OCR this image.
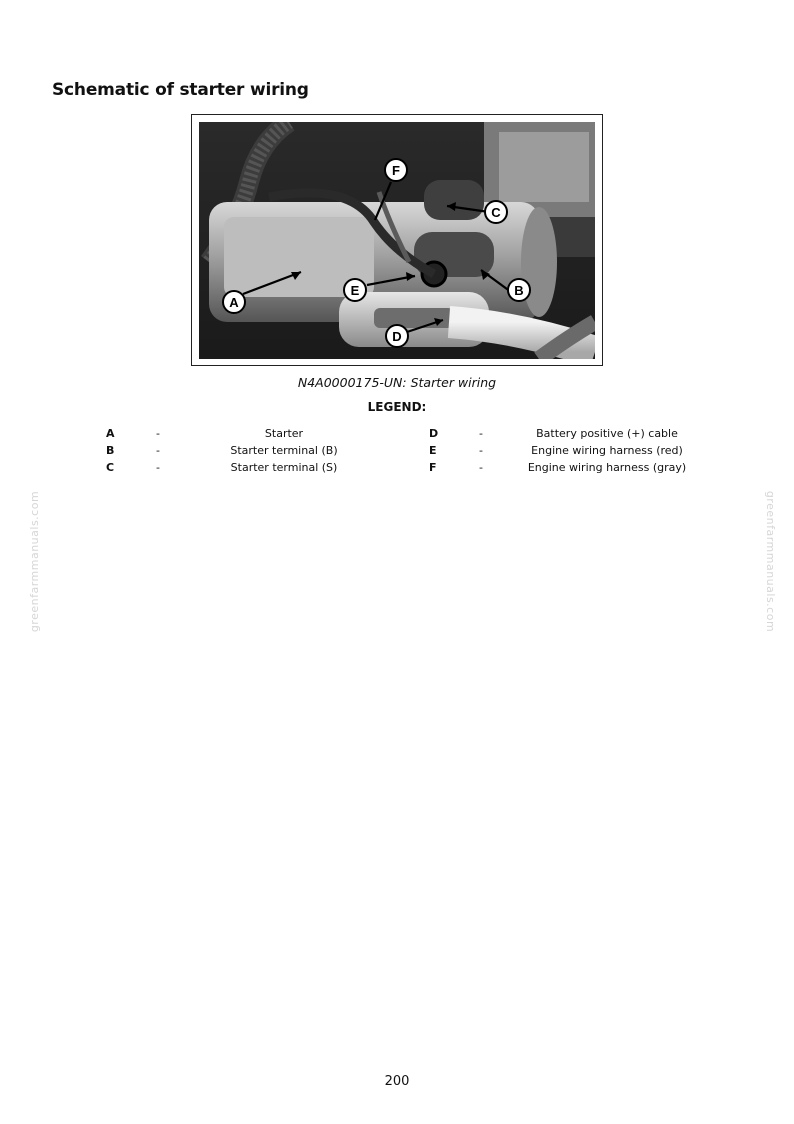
Schematic of starter wiring
A
B
C
D
E
F
N4A0000175-UN: Starter wiring
LEGEND:
A	-	Starter	D	-	Battery positive (+) cable
B	-	Starter terminal (B)	E	-	Engine wiring harness (red)
C	-	Starter terminal (S)	F	-	Engine wiring harness (gray)
greenfarmmanuals.com	greenfarmmanuals.com
200
